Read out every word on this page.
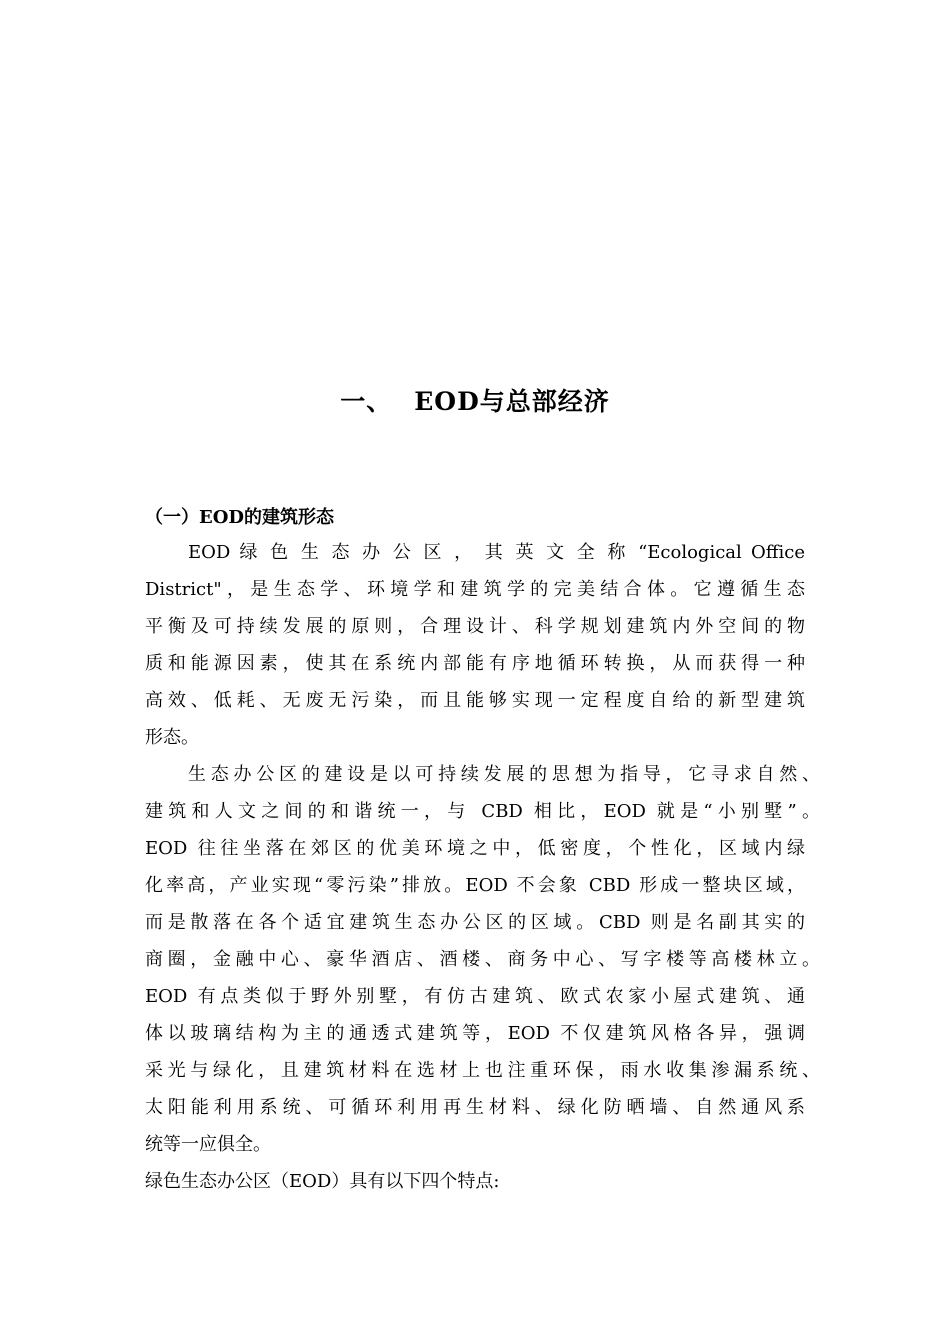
一、 EOD与总部经济
（一）EOD的建筑形态
EOD 绿 色 生 态 办 公 区 ， 其 英 文 全 称 “Ecological Office
District"，是生态学、环境学和建筑学的完美结合体。它遵循生态
平衡及可持续发展的原则，合理设计、科学规划建筑内外空间的物
质和能源因素，使其在系统内部能有序地循环转换，从而获得一种
高效、低耗、无废无污染，而且能够实现一定程度自给的新型建筑
形态。
生态办公区的建设是以可持续发展的思想为指导，它寻求自然、
建筑和人文之间的和谐统一，与 CBD 相比，EOD 就是“小别墅”。
EOD 往往坐落在郊区的优美环境之中，低密度，个性化，区域内绿
化率高，产业实现“零污染”排放。EOD 不会象 CBD 形成一整块区域，
而是散落在各个适宜建筑生态办公区的区域。CBD 则是名副其实的
商圈，金融中心、豪华酒店、酒楼、商务中心、写字楼等高楼林立。
EOD 有点类似于野外别墅，有仿古建筑、欧式农家小屋式建筑、通
体以玻璃结构为主的通透式建筑等，EOD 不仅建筑风格各异，强调
采光与绿化，且建筑材料在选材上也注重环保，雨水收集渗漏系统、
太阳能利用系统、可循环利用再生材料、绿化防晒墙、自然通风系
统等一应俱全。
绿色生态办公区（EOD）具有以下四个特点:
